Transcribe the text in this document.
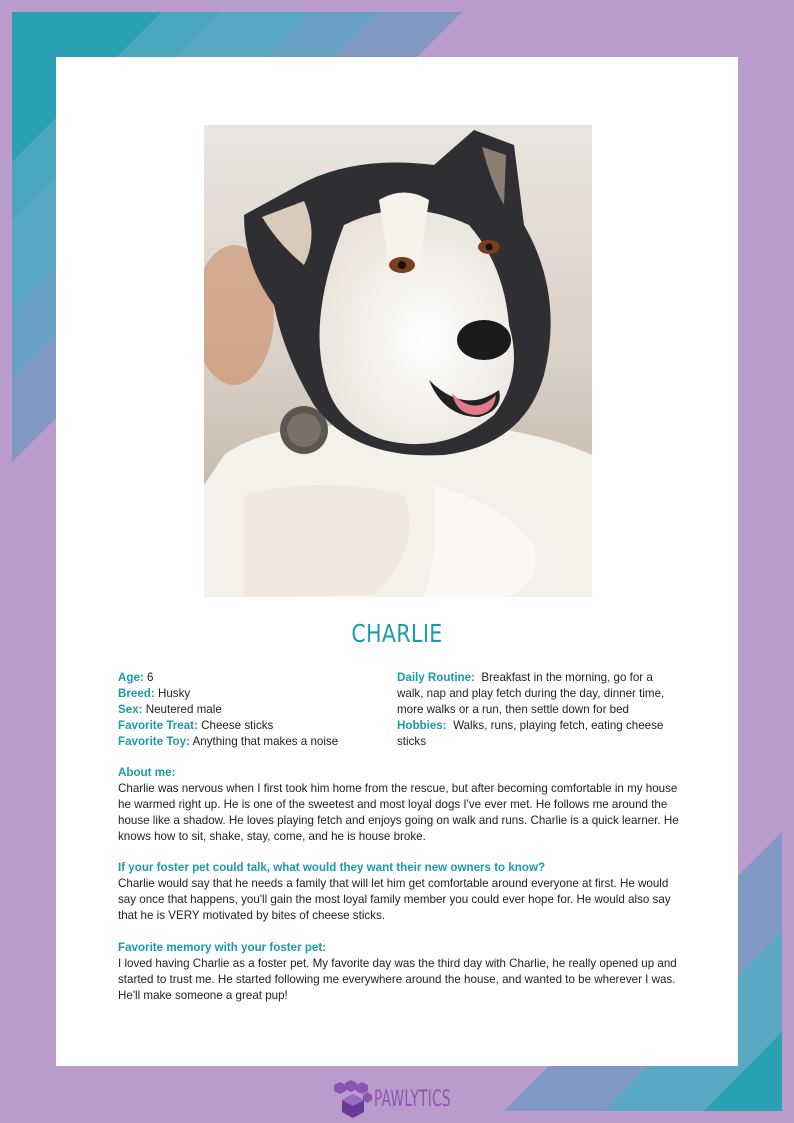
CHARLIE
Age: 6
Breed: Husky
Sex: Neutered male
Favorite Treat: Cheese sticks
Favorite Toy: Anything that makes a noise
Daily Routine: Breakfast in the morning, go for a walk, nap and play fetch during the day, dinner time, more walks or a run, then settle down for bed
Hobbies: Walks, runs, playing fetch, eating cheese sticks
About me:
Charlie was nervous when I first took him home from the rescue, but after becoming comfortable in my house he warmed right up. He is one of the sweetest and most loyal dogs I've ever met. He follows me around the house like a shadow. He loves playing fetch and enjoys going on walk and runs. Charlie is a quick learner. He knows how to sit, shake, stay, come, and he is house broke.
If your foster pet could talk, what would they want their new owners to know?
Charlie would say that he needs a family that will let him get comfortable around everyone at first. He would say once that happens, you'll gain the most loyal family member you could ever hope for. He would also say that he is VERY motivated by bites of cheese sticks.
Favorite memory with your foster pet:
I loved having Charlie as a foster pet. My favorite day was the third day with Charlie, he really opened up and started to trust me. He started following me everywhere around the house, and wanted to be wherever I was. He'll make someone a great pup!
PAWLYTICS
